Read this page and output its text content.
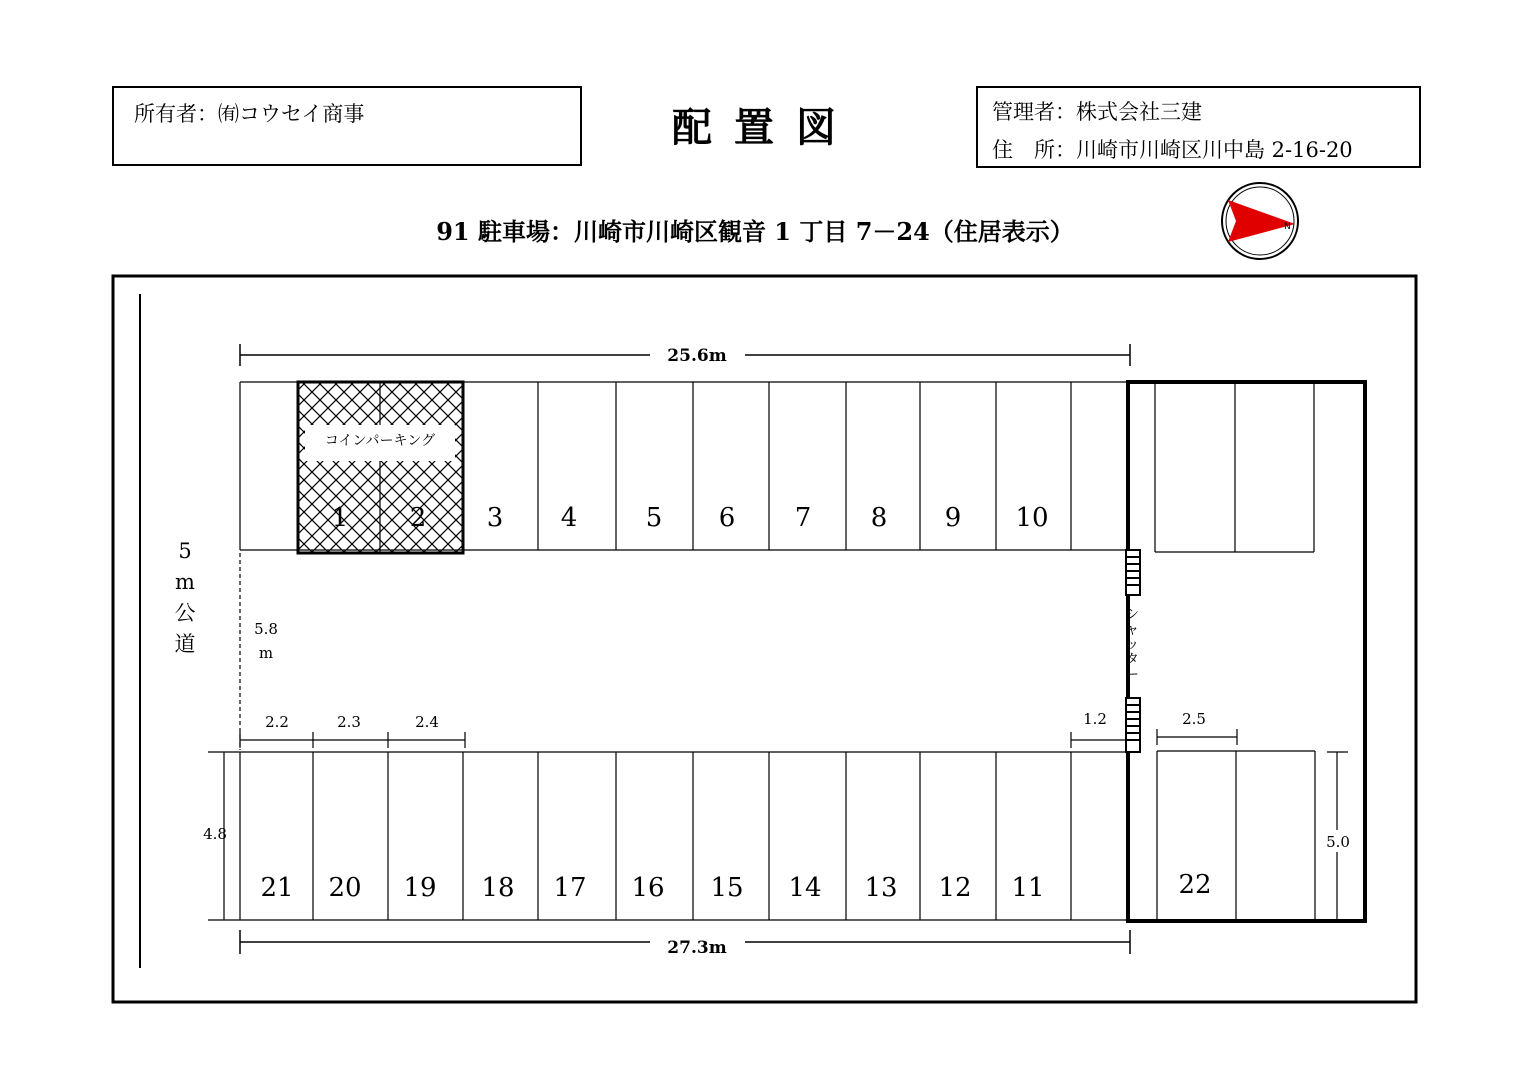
所有者：㈲コウセイ商事	配置図	管理者：株式会社三建
住　所：川崎市川崎区川中島 2-16-20
91 駐車場：川崎市川崎区観音 1 丁目 7－24（住居表示）	N
25.6m
コインパーキング
1 2 3 4	5 6 7 8 9 10
22
5.8
m
2.2	2.3	2.4	1.2	2.5
4.8
21 20 19 18 17 16 15 14 13 12 11
5.0
27.3m
5
m
公
道
シ
ャ
ッ
タ
ー
